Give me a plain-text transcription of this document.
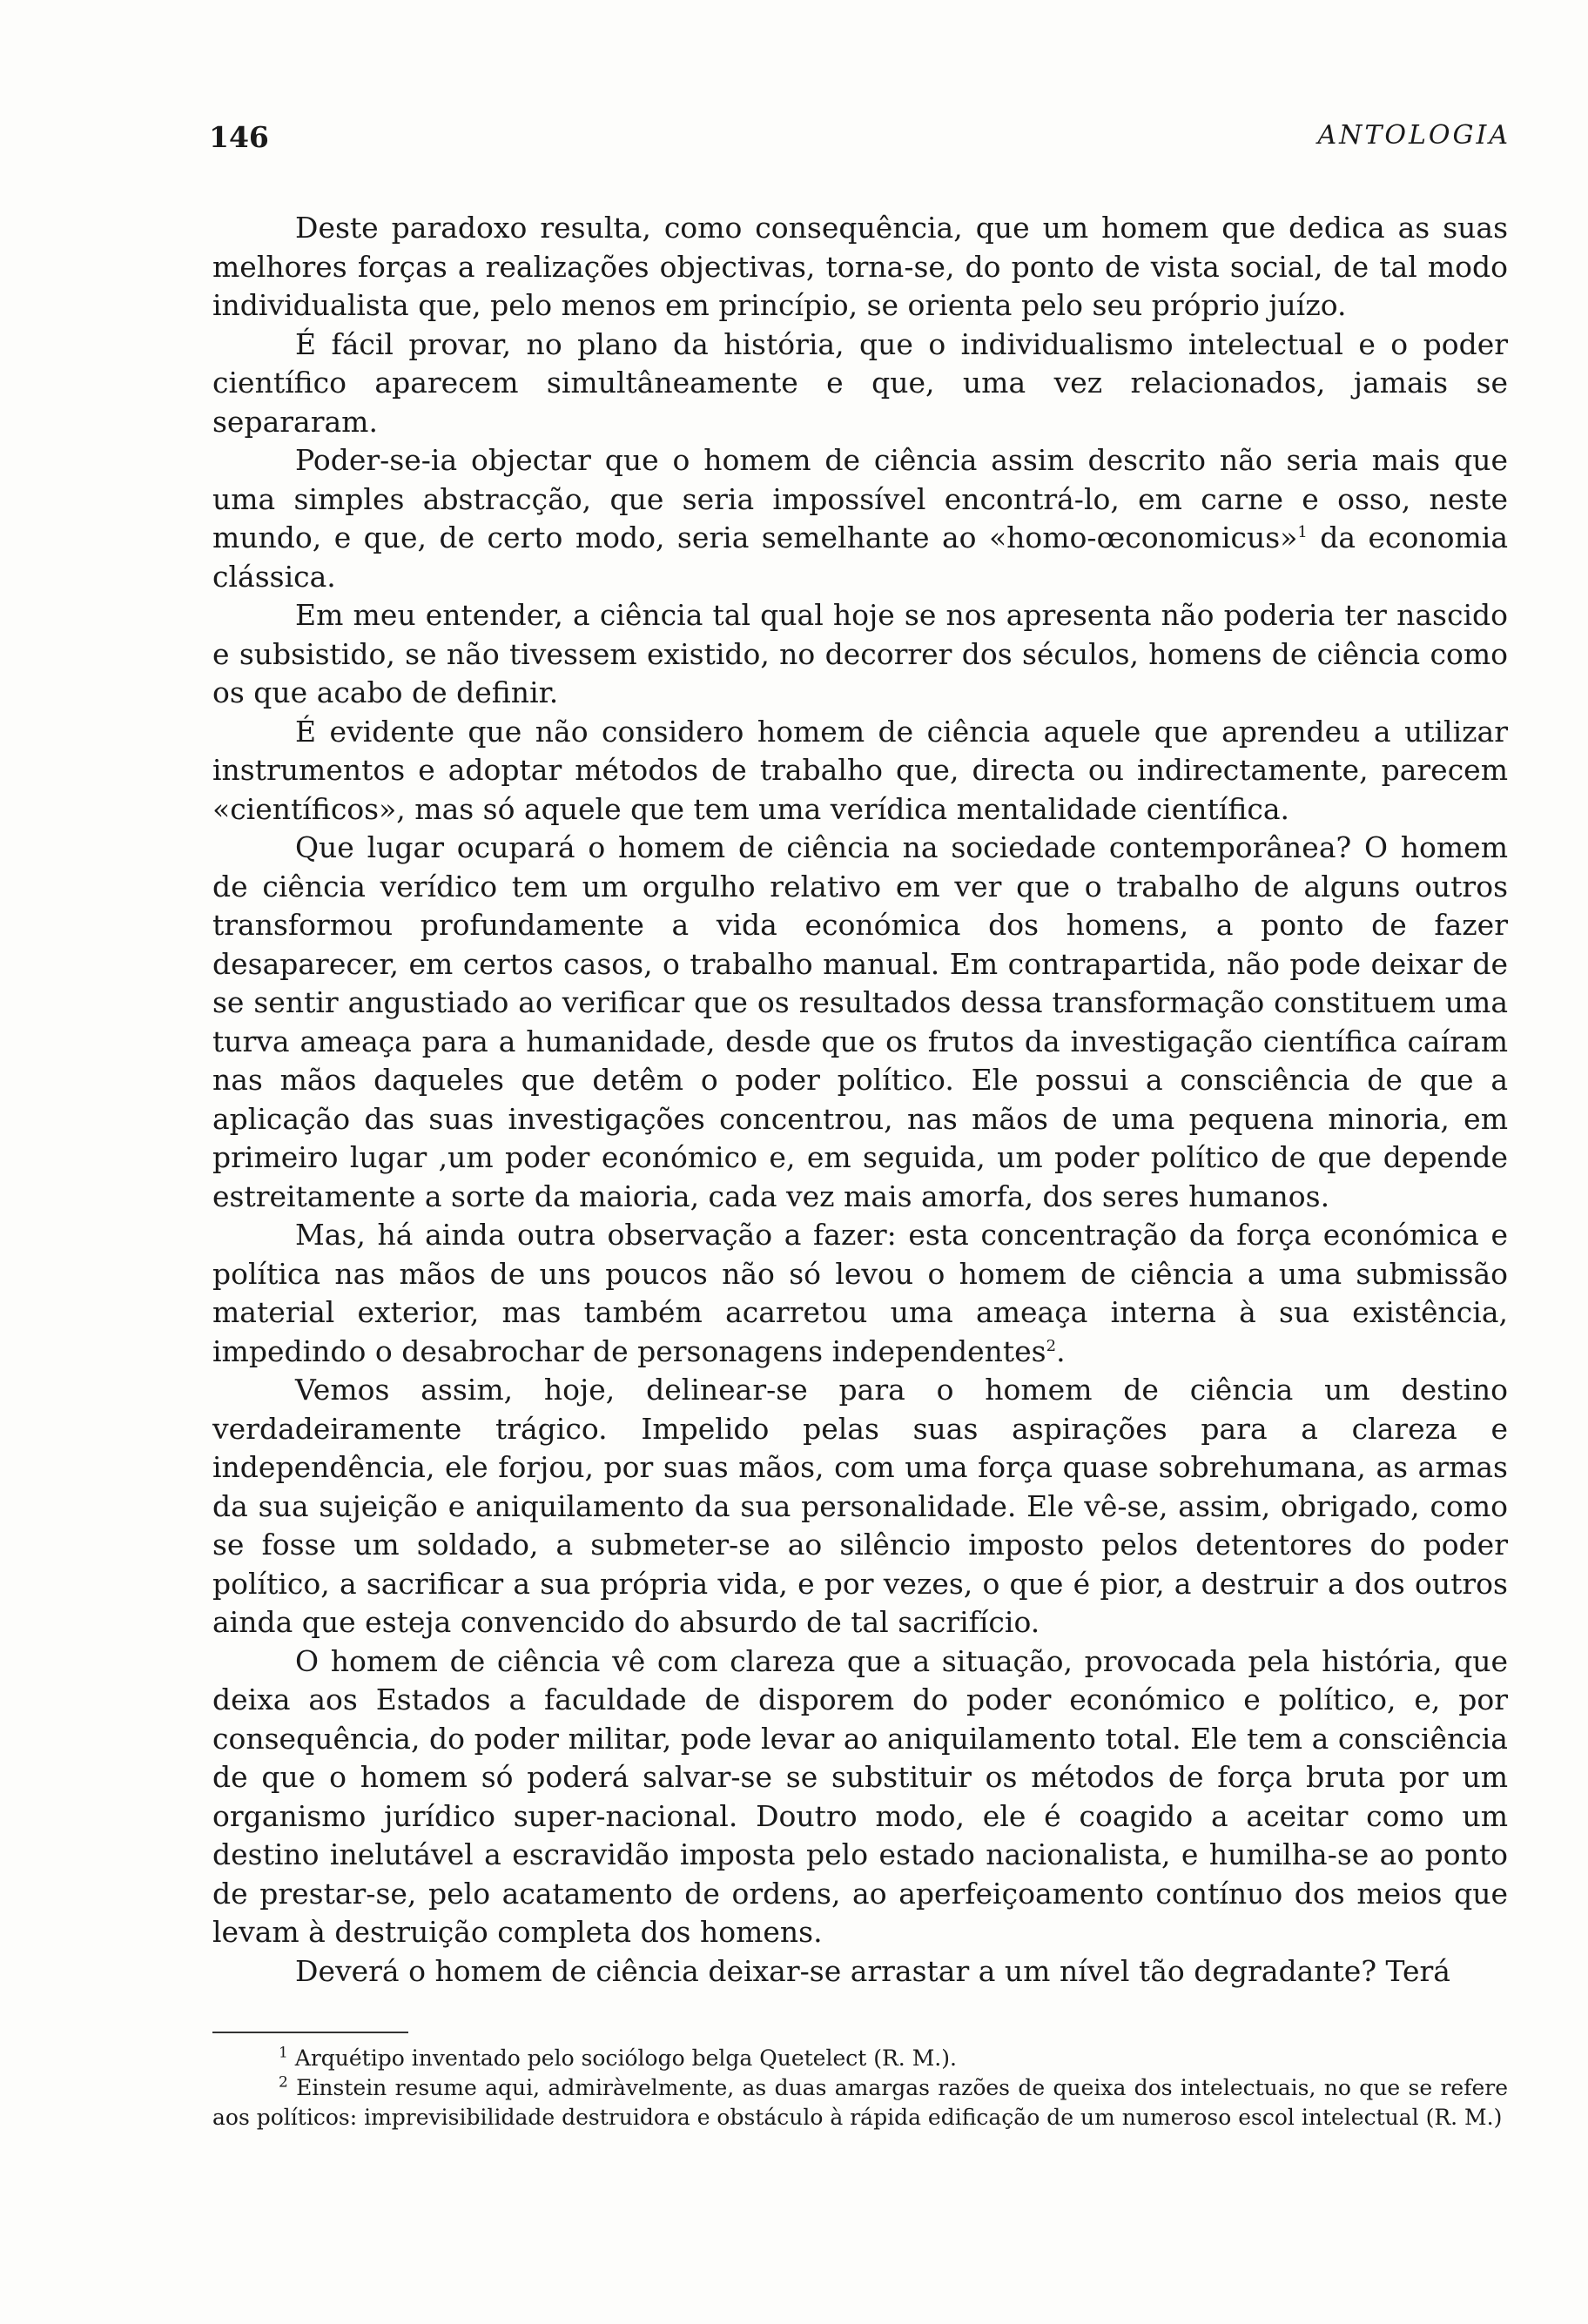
146	ANTOLOGIA

Deste paradoxo resulta, como consequência, que um homem que dedica as suas melhores forças a realizações objectivas, torna-se, do ponto de vista social, de tal modo individualista que, pelo menos em princípio, se orienta pelo seu próprio juízo.

É fácil provar, no plano da história, que o individualismo intelectual e o poder científico aparecem simultâneamente e que, uma vez relacionados, jamais se separaram.

Poder-se-ia objectar que o homem de ciência assim descrito não seria mais que uma simples abstracção, que seria impossível encontrá-lo, em carne e osso, neste mundo, e que, de certo modo, seria semelhante ao «homo-œconomicus»$^1$ da economia clássica.

Em meu entender, a ciência tal qual hoje se nos apresenta não poderia ter nascido e subsistido, se não tivessem existido, no decorrer dos séculos, homens de ciência como os que acabo de definir.

É evidente que não considero homem de ciência aquele que aprendeu a utilizar instrumentos e adoptar métodos de trabalho que, directa ou indirectamente, parecem «científicos», mas só aquele que tem uma verídica mentalidade científica.

Que lugar ocupará o homem de ciência na sociedade contemporânea? O homem de ciência verídico tem um orgulho relativo em ver que o trabalho de alguns outros transformou profundamente a vida económica dos homens, a ponto de fazer desaparecer, em certos casos, o trabalho manual. Em contrapartida, não pode deixar de se sentir angustiado ao verificar que os resultados dessa transformação constituem uma turva ameaça para a humanidade, desde que os frutos da investigação científica caíram nas mãos daqueles que detêm o poder político. Ele possui a consciência de que a aplicação das suas investigações concentrou, nas mãos de uma pequena minoria, em primeiro lugar ,um poder económico e, em seguida, um poder político de que depende estreitamente a sorte da maioria, cada vez mais amorfa, dos seres humanos.

Mas, há ainda outra observação a fazer: esta concentração da força económica e política nas mãos de uns poucos não só levou o homem de ciência a uma submissão material exterior, mas também acarretou uma ameaça interna à sua existência, impedindo o desabrochar de personagens independentes$^2$.

Vemos assim, hoje, delinear-se para o homem de ciência um destino verdadeiramente trágico. Impelido pelas suas aspirações para a clareza e independência, ele forjou, por suas mãos, com uma força quase sobrehumana, as armas da sua sujeição e aniquilamento da sua personalidade. Ele vê-se, assim, obrigado, como se fosse um soldado, a submeter-se ao silêncio imposto pelos detentores do poder político, a sacrificar a sua própria vida, e por vezes, o que é pior, a destruir a dos outros ainda que esteja convencido do absurdo de tal sacrifício.

O homem de ciência vê com clareza que a situação, provocada pela história, que deixa aos Estados a faculdade de disporem do poder económico e político, e, por consequência, do poder militar, pode levar ao aniquilamento total. Ele tem a consciência de que o homem só poderá salvar-se se substituir os métodos de força bruta por um organismo jurídico super-nacional. Doutro modo, ele é coagido a aceitar como um destino inelutável a escravidão imposta pelo estado nacionalista, e humilha-se ao ponto de prestar-se, pelo acatamento de ordens, ao aperfeiçoamento contínuo dos meios que levam à destruição completa dos homens.

Deverá o homem de ciência deixar-se arrastar a um nível tão degradante? Terá

$^1$ Arquétipo inventado pelo sociólogo belga Quetelect (R. M.).

$^2$ Einstein resume aqui, admiràvelmente, as duas amargas razões de queixa dos intelectuais, no que se refere aos políticos: imprevisibilidade destruidora e obstáculo à rápida edificação de um numeroso escol intelectual (R. M.)
